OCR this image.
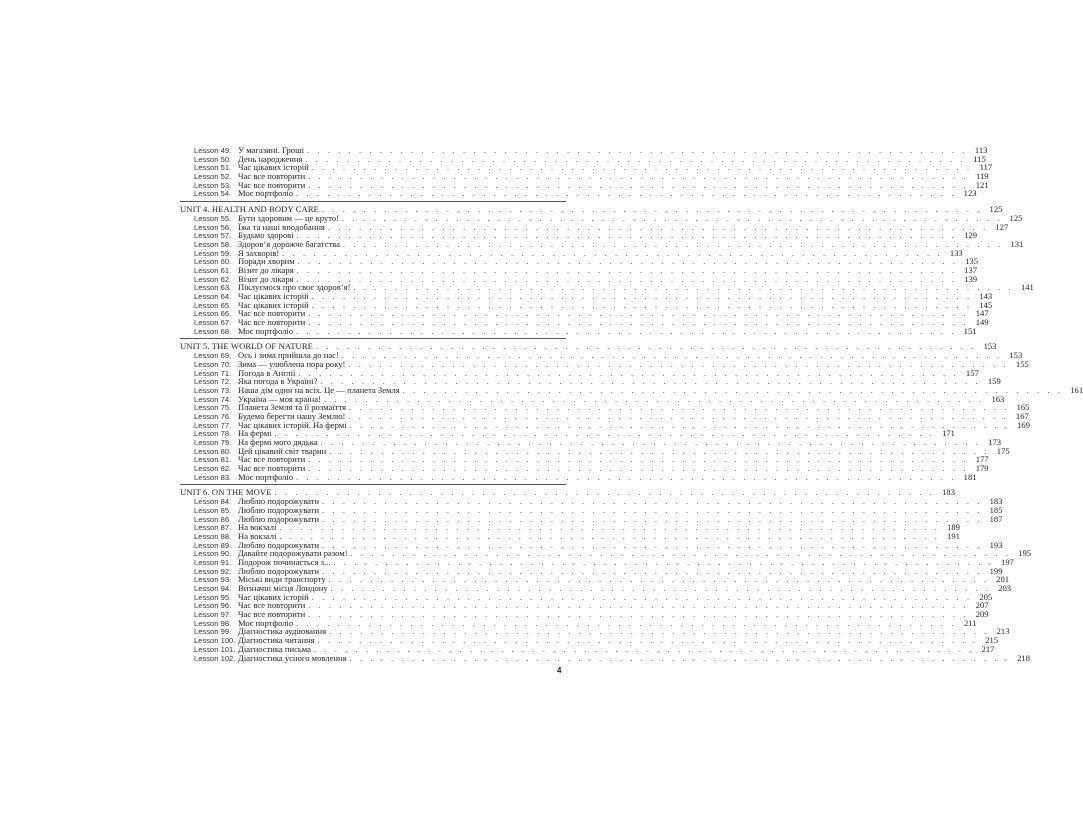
Lesson 49. У магазині. Гроші . . . . . . . . . . . . . . . . . . . . . . . . . . . . . . . . . . . . . . . . . . . . . . . . . . . . . . . . . . . . . . . . 113
Lesson 50. День народження . . . . . . . . . . . . . . . . . . . . . . . . . . . . . . . . . . . . . . . . . . . . . . . . . . . . . . . . . . . . . . . . 115
Lesson 51. Час цікавих історій . . . . . . . . . . . . . . . . . . . . . . . . . . . . . . . . . . . . . . . . . . . . . . . . . . . . . . . . . . . . . . . . 117
Lesson 52. Час все повторити . . . . . . . . . . . . . . . . . . . . . . . . . . . . . . . . . . . . . . . . . . . . . . . . . . . . . . . . . . . . . . . . 119
Lesson 53. Час все повторити . . . . . . . . . . . . . . . . . . . . . . . . . . . . . . . . . . . . . . . . . . . . . . . . . . . . . . . . . . . . . . . . 121
Lesson 54. Моє портфоліо . . . . . . . . . . . . . . . . . . . . . . . . . . . . . . . . . . . . . . . . . . . . . . . . . . . . . . . . . . . . . . . . 123
UNIT 4. HEALTH AND BODY CARE . . . . . . . . . . . . . . . . . . . . . . . . . . . . . . . . . . . . . . . . . . . . . . . . . . . . . . . . . . . . . . . . 125
Lesson 55. Бути здоровим — це круто! . . . . . . . . . . . . . . . . . . . . . . . . . . . . . . . . . . . . . . . . . . . . . . . . . . . . . . . . . . . . . . . . 125
Lesson 56. Їжа та наші вподобання . . . . . . . . . . . . . . . . . . . . . . . . . . . . . . . . . . . . . . . . . . . . . . . . . . . . . . . . . . . . . . . . 127
Lesson 57. Будьмо здорові . . . . . . . . . . . . . . . . . . . . . . . . . . . . . . . . . . . . . . . . . . . . . . . . . . . . . . . . . . . . . . . . 129
Lesson 58. Здоров’я дорожче багатства . . . . . . . . . . . . . . . . . . . . . . . . . . . . . . . . . . . . . . . . . . . . . . . . . . . . . . . . . . . . . . . . 131
Lesson 59. Я захворів! . . . . . . . . . . . . . . . . . . . . . . . . . . . . . . . . . . . . . . . . . . . . . . . . . . . . . . . . . . . . . . . . 133
Lesson 60. Поради хворим . . . . . . . . . . . . . . . . . . . . . . . . . . . . . . . . . . . . . . . . . . . . . . . . . . . . . . . . . . . . . . . . 135
Lesson 61. Візит до лікаря . . . . . . . . . . . . . . . . . . . . . . . . . . . . . . . . . . . . . . . . . . . . . . . . . . . . . . . . . . . . . . . . 137
Lesson 62. Візит до лікаря . . . . . . . . . . . . . . . . . . . . . . . . . . . . . . . . . . . . . . . . . . . . . . . . . . . . . . . . . . . . . . . . 139
Lesson 63. Піклуємося про своє здоров’я! . . . . . . . . . . . . . . . . . . . . . . . . . . . . . . . . . . . . . . . . . . . . . . . . . . . . . . . . . . . . . . . . 141
Lesson 64. Час цікавих історій . . . . . . . . . . . . . . . . . . . . . . . . . . . . . . . . . . . . . . . . . . . . . . . . . . . . . . . . . . . . . . . . 143
Lesson 65. Час цікавих історій . . . . . . . . . . . . . . . . . . . . . . . . . . . . . . . . . . . . . . . . . . . . . . . . . . . . . . . . . . . . . . . . 145
Lesson 66. Час все повторити . . . . . . . . . . . . . . . . . . . . . . . . . . . . . . . . . . . . . . . . . . . . . . . . . . . . . . . . . . . . . . . . 147
Lesson 67. Час все повторити . . . . . . . . . . . . . . . . . . . . . . . . . . . . . . . . . . . . . . . . . . . . . . . . . . . . . . . . . . . . . . . . 149
Lesson 68. Моє портфоліо . . . . . . . . . . . . . . . . . . . . . . . . . . . . . . . . . . . . . . . . . . . . . . . . . . . . . . . . . . . . . . . . 151
UNIT 5. THE WORLD OF NATURE . . . . . . . . . . . . . . . . . . . . . . . . . . . . . . . . . . . . . . . . . . . . . . . . . . . . . . . . . . . . . . . . 153
Lesson 69. Ось і зима прийшла до нас! . . . . . . . . . . . . . . . . . . . . . . . . . . . . . . . . . . . . . . . . . . . . . . . . . . . . . . . . . . . . . . . . 153
Lesson 70. Зима — улюблена пора року! . . . . . . . . . . . . . . . . . . . . . . . . . . . . . . . . . . . . . . . . . . . . . . . . . . . . . . . . . . . . . . . . 155
Lesson 71. Погода в Англії . . . . . . . . . . . . . . . . . . . . . . . . . . . . . . . . . . . . . . . . . . . . . . . . . . . . . . . . . . . . . . . . 157
Lesson 72. Яка погода в Україні? . . . . . . . . . . . . . . . . . . . . . . . . . . . . . . . . . . . . . . . . . . . . . . . . . . . . . . . . . . . . . . . . 159
Lesson 73. Наша дім один на всіх. Це — планета Земля . . . . . . . . . . . . . . . . . . . . . . . . . . . . . . . . . . . . . . . . . . . . . . . . . . . . . . . . . . . . . . . . 161
Lesson 74. Україна — моя країна! . . . . . . . . . . . . . . . . . . . . . . . . . . . . . . . . . . . . . . . . . . . . . . . . . . . . . . . . . . . . . . . . 163
Lesson 75. Планета Земля та її розмаїття . . . . . . . . . . . . . . . . . . . . . . . . . . . . . . . . . . . . . . . . . . . . . . . . . . . . . . . . . . . . . . . . 165
Lesson 76. Будемо берегти нашу Землю! . . . . . . . . . . . . . . . . . . . . . . . . . . . . . . . . . . . . . . . . . . . . . . . . . . . . . . . . . . . . . . . . 167
Lesson 77. Час цікавих історій. На фермі . . . . . . . . . . . . . . . . . . . . . . . . . . . . . . . . . . . . . . . . . . . . . . . . . . . . . . . . . . . . . . . . 169
Lesson 78. На фермі . . . . . . . . . . . . . . . . . . . . . . . . . . . . . . . . . . . . . . . . . . . . . . . . . . . . . . . . . . . . . . . . 171
Lesson 79. На фермі мого дядька . . . . . . . . . . . . . . . . . . . . . . . . . . . . . . . . . . . . . . . . . . . . . . . . . . . . . . . . . . . . . . . . 173
Lesson 80. Цей цікавий світ тварин . . . . . . . . . . . . . . . . . . . . . . . . . . . . . . . . . . . . . . . . . . . . . . . . . . . . . . . . . . . . . . . . 175
Lesson 81. Час все повторити . . . . . . . . . . . . . . . . . . . . . . . . . . . . . . . . . . . . . . . . . . . . . . . . . . . . . . . . . . . . . . . . 177
Lesson 82. Час все повторити . . . . . . . . . . . . . . . . . . . . . . . . . . . . . . . . . . . . . . . . . . . . . . . . . . . . . . . . . . . . . . . . 179
Lesson 83. Моє портфоліо . . . . . . . . . . . . . . . . . . . . . . . . . . . . . . . . . . . . . . . . . . . . . . . . . . . . . . . . . . . . . . . . 181
UNIT 6. ON THE MOVE . . . . . . . . . . . . . . . . . . . . . . . . . . . . . . . . . . . . . . . . . . . . . . . . . . . . . . . . . . . . . . . . 183
Lesson 84. Люблю подорожувати . . . . . . . . . . . . . . . . . . . . . . . . . . . . . . . . . . . . . . . . . . . . . . . . . . . . . . . . . . . . . . . . 183
Lesson 85. Люблю подорожувати . . . . . . . . . . . . . . . . . . . . . . . . . . . . . . . . . . . . . . . . . . . . . . . . . . . . . . . . . . . . . . . . 185
Lesson 86. Люблю подорожувати . . . . . . . . . . . . . . . . . . . . . . . . . . . . . . . . . . . . . . . . . . . . . . . . . . . . . . . . . . . . . . . . 187
Lesson 87. На вокзалі . . . . . . . . . . . . . . . . . . . . . . . . . . . . . . . . . . . . . . . . . . . . . . . . . . . . . . . . . . . . . . . . 189
Lesson 88. На вокзалі . . . . . . . . . . . . . . . . . . . . . . . . . . . . . . . . . . . . . . . . . . . . . . . . . . . . . . . . . . . . . . . . 191
Lesson 89. Люблю подорожувати . . . . . . . . . . . . . . . . . . . . . . . . . . . . . . . . . . . . . . . . . . . . . . . . . . . . . . . . . . . . . . . . 193
Lesson 90. Давайте подорожувати разом! . . . . . . . . . . . . . . . . . . . . . . . . . . . . . . . . . . . . . . . . . . . . . . . . . . . . . . . . . . . . . . . . 195
Lesson 91. Подорож починається з... . . . . . . . . . . . . . . . . . . . . . . . . . . . . . . . . . . . . . . . . . . . . . . . . . . . . . . . . . . . . . . . . 197
Lesson 92. Люблю подорожувати . . . . . . . . . . . . . . . . . . . . . . . . . . . . . . . . . . . . . . . . . . . . . . . . . . . . . . . . . . . . . . . . 199
Lesson 93. Міські види транспорту . . . . . . . . . . . . . . . . . . . . . . . . . . . . . . . . . . . . . . . . . . . . . . . . . . . . . . . . . . . . . . . . 201
Lesson 94. Визначні місця Лондону . . . . . . . . . . . . . . . . . . . . . . . . . . . . . . . . . . . . . . . . . . . . . . . . . . . . . . . . . . . . . . . . 203
Lesson 95. Час цікавих історій . . . . . . . . . . . . . . . . . . . . . . . . . . . . . . . . . . . . . . . . . . . . . . . . . . . . . . . . . . . . . . . . 205
Lesson 96. Час все повторити . . . . . . . . . . . . . . . . . . . . . . . . . . . . . . . . . . . . . . . . . . . . . . . . . . . . . . . . . . . . . . . . 207
Lesson 97. Час все повторити . . . . . . . . . . . . . . . . . . . . . . . . . . . . . . . . . . . . . . . . . . . . . . . . . . . . . . . . . . . . . . . . 209
Lesson 98. Моє портфоліо . . . . . . . . . . . . . . . . . . . . . . . . . . . . . . . . . . . . . . . . . . . . . . . . . . . . . . . . . . . . . . . . 211
Lesson 99. Діагностика аудіювання . . . . . . . . . . . . . . . . . . . . . . . . . . . . . . . . . . . . . . . . . . . . . . . . . . . . . . . . . . . . . . . . 213
Lesson 100. Діагностика читання . . . . . . . . . . . . . . . . . . . . . . . . . . . . . . . . . . . . . . . . . . . . . . . . . . . . . . . . . . . . . . . . 215
Lesson 101. Діагностика письма . . . . . . . . . . . . . . . . . . . . . . . . . . . . . . . . . . . . . . . . . . . . . . . . . . . . . . . . . . . . . . . . 217
Lesson 102. Діагностика усного мовлення . . . . . . . . . . . . . . . . . . . . . . . . . . . . . . . . . . . . . . . . . . . . . . . . . . . . . . . . . . . . . . . . 218
4
